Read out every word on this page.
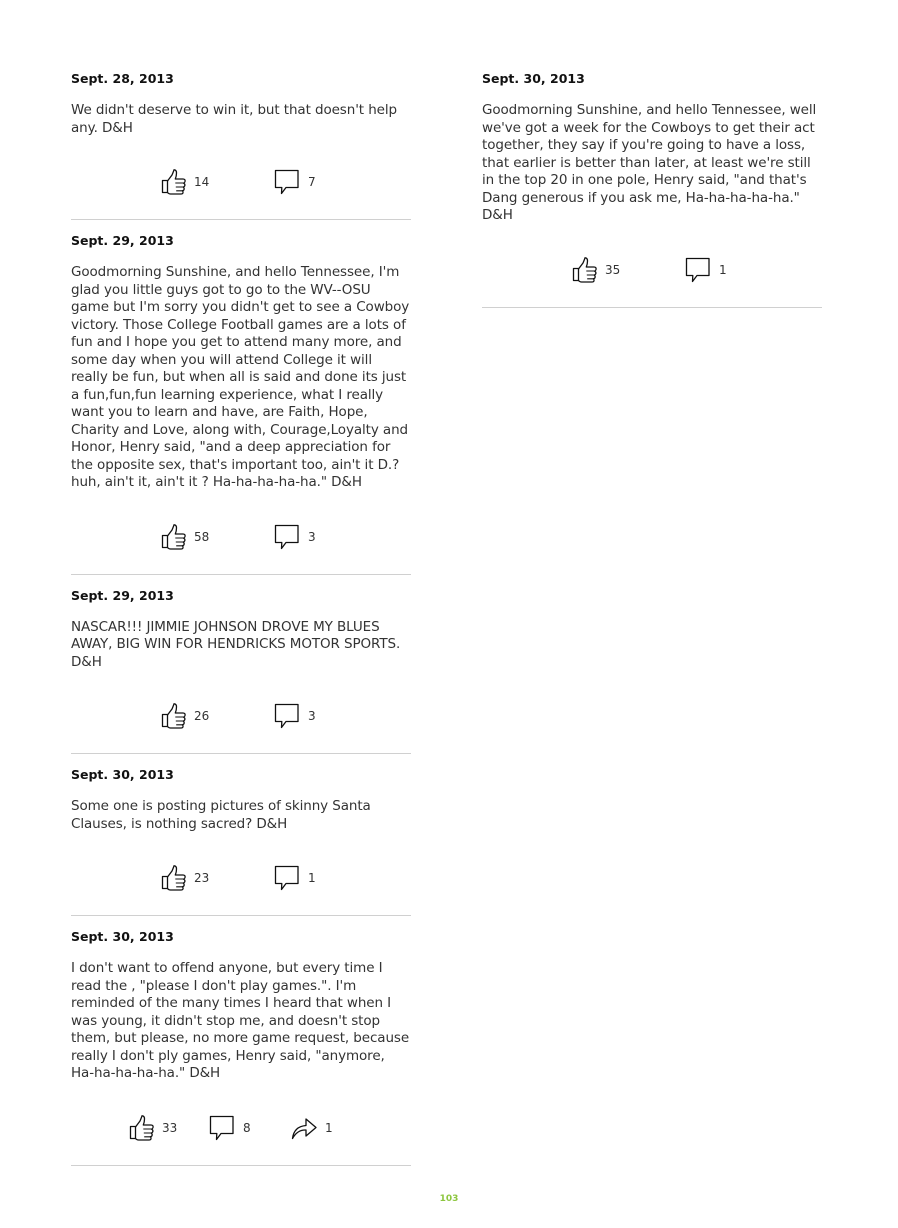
Sept. 28, 2013

We didn't deserve to win it, but that doesn't help any. D&H

14	7
Sept. 29, 2013

Goodmorning Sunshine, and hello Tennessee, I'm glad you little guys got to go to the WV--OSU game but I'm sorry you didn't get to see a Cowboy victory. Those College Football games are a lots of fun and I hope you get to attend many more, and some day when you will attend College it will really be fun, but when all is said and done its just a fun,fun,fun learning experience, what I really want you to learn and have, are Faith, Hope, Charity and Love, along with, Courage,Loyalty and Honor, Henry said, "and a deep appreciation for the opposite sex, that's important too, ain't it D.? huh, ain't it, ain't it ? Ha-ha-ha-ha-ha." D&H

58	3
Sept. 29, 2013

NASCAR!!! JIMMIE JOHNSON DROVE MY BLUES AWAY, BIG WIN FOR HENDRICKS MOTOR SPORTS. D&H

26	3
Sept. 30, 2013

Some one is posting pictures of skinny Santa Clauses, is nothing sacred? D&H

23	1
Sept. 30, 2013

I don't want to offend anyone, but every time I read the , "please I don't play games.". I'm reminded of the many times I heard that when I was young, it didn't stop me, and doesn't stop them, but please, no more game request, because really I don't ply games, Henry said, "anymore, Ha-ha-ha-ha-ha." D&H

33	8	1
Sept. 30, 2013

Goodmorning Sunshine, and hello Tennessee, well we've got a week for the Cowboys to get their act together, they say if you're going to have a loss, that earlier is better than later, at least we're still in the top 20 in one pole, Henry said, "and that's Dang generous if you ask me, Ha-ha-ha-ha-ha." D&H

35	1
103
